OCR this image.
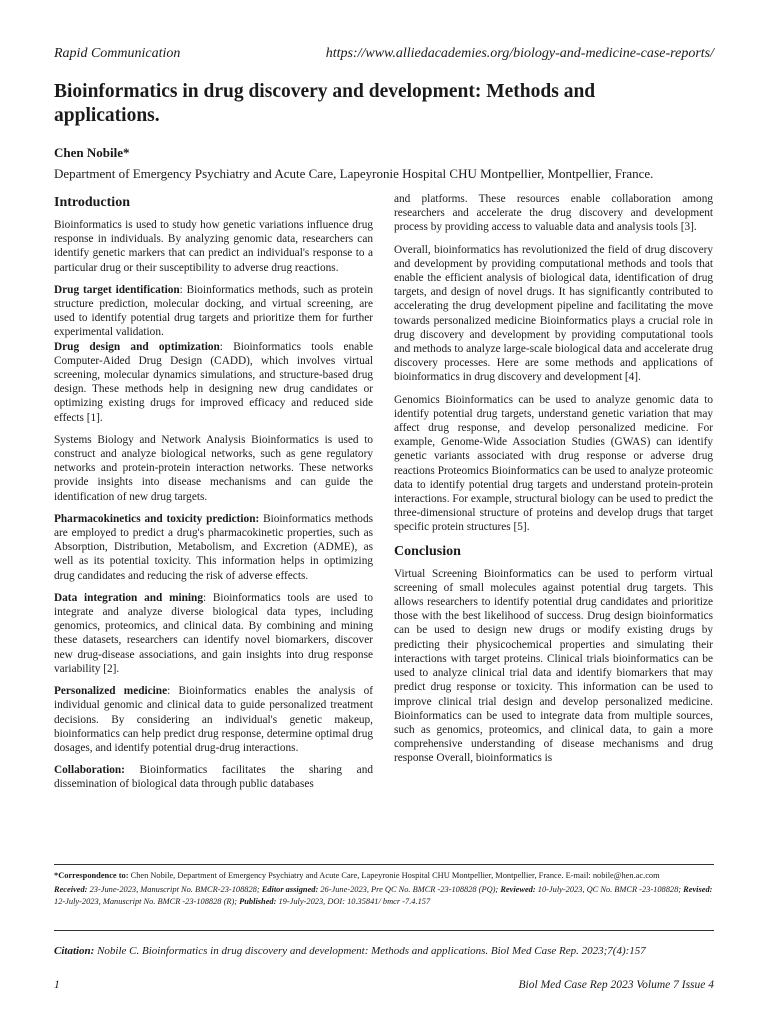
Rapid Communication	https://www.alliedacademies.org/biology-and-medicine-case-reports/
Bioinformatics in drug discovery and development: Methods and applications.
Chen Nobile*
Department of Emergency Psychiatry and Acute Care, Lapeyronie Hospital CHU Montpellier, Montpellier, France.
Introduction

Bioinformatics is used to study how genetic variations influence drug response in individuals. By analyzing genomic data, researchers can identify genetic markers that can predict an individual's response to a particular drug or their susceptibility to adverse drug reactions.

Drug target identification: Bioinformatics methods, such as protein structure prediction, molecular docking, and virtual screening, are used to identify potential drug targets and prioritize them for further experimental validation.

Drug design and optimization: Bioinformatics tools enable Computer-Aided Drug Design (CADD), which involves virtual screening, molecular dynamics simulations, and structure-based drug design. These methods help in designing new drug candidates or optimizing existing drugs for improved efficacy and reduced side effects [1].

Systems Biology and Network Analysis Bioinformatics is used to construct and analyze biological networks, such as gene regulatory networks and protein-protein interaction networks. These networks provide insights into disease mechanisms and can guide the identification of new drug targets.

Pharmacokinetics and toxicity prediction: Bioinformatics methods are employed to predict a drug's pharmacokinetic properties, such as Absorption, Distribution, Metabolism, and Excretion (ADME), as well as its potential toxicity. This information helps in optimizing drug candidates and reducing the risk of adverse effects.

Data integration and mining: Bioinformatics tools are used to integrate and analyze diverse biological data types, including genomics, proteomics, and clinical data. By combining and mining these datasets, researchers can identify novel biomarkers, discover new drug-disease associations, and gain insights into drug response variability [2].

Personalized medicine: Bioinformatics enables the analysis of individual genomic and clinical data to guide personalized treatment decisions. By considering an individual's genetic makeup, bioinformatics can help predict drug response, determine optimal drug dosages, and identify potential drug-drug interactions.

Collaboration: Bioinformatics facilitates the sharing and dissemination of biological data through public databases

and platforms. These resources enable collaboration among researchers and accelerate the drug discovery and development process by providing access to valuable data and analysis tools [3].

Overall, bioinformatics has revolutionized the field of drug discovery and development by providing computational methods and tools that enable the efficient analysis of biological data, identification of drug targets, and design of novel drugs. It has significantly contributed to accelerating the drug development pipeline and facilitating the move towards personalized medicine Bioinformatics plays a crucial role in drug discovery and development by providing computational tools and methods to analyze large-scale biological data and accelerate drug discovery processes. Here are some methods and applications of bioinformatics in drug discovery and development [4].

Genomics Bioinformatics can be used to analyze genomic data to identify potential drug targets, understand genetic variation that may affect drug response, and develop personalized medicine. For example, Genome-Wide Association Studies (GWAS) can identify genetic variants associated with drug response or adverse drug reactions Proteomics Bioinformatics can be used to analyze proteomic data to identify potential drug targets and understand protein-protein interactions. For example, structural biology can be used to predict the three-dimensional structure of proteins and develop drugs that target specific protein structures [5].

Conclusion

Virtual Screening Bioinformatics can be used to perform virtual screening of small molecules against potential drug targets. This allows researchers to identify potential drug candidates and prioritize those with the best likelihood of success. Drug design bioinformatics can be used to design new drugs or modify existing drugs by predicting their physicochemical properties and simulating their interactions with target proteins. Clinical trials bioinformatics can be used to analyze clinical trial data and identify biomarkers that may predict drug response or toxicity. This information can be used to improve clinical trial design and develop personalized medicine. Bioinformatics can be used to integrate data from multiple sources, such as genomics, proteomics, and clinical data, to gain a more comprehensive understanding of disease mechanisms and drug response Overall, bioinformatics is

*Correspondence to: Chen Nobile, Department of Emergency Psychiatry and Acute Care, Lapeyronie Hospital CHU Montpellier, Montpellier, France. E-mail: nobile@hen.ac.com
Received: 23-June-2023, Manuscript No. BMCR-23-108828; Editor assigned: 26-June-2023, Pre QC No. BMCR -23-108828 (PQ); Reviewed: 10-July-2023, QC No. BMCR -23-108828; Revised: 12-July-2023, Manuscript No. BMCR -23-108828 (R); Published: 19-July-2023, DOI: 10.35841/ bmcr -7.4.157
Citation: Nobile C. Bioinformatics in drug discovery and development: Methods and applications. Biol Med Case Rep. 2023;7(4):157
1	Biol Med Case Rep 2023 Volume 7 Issue 4
